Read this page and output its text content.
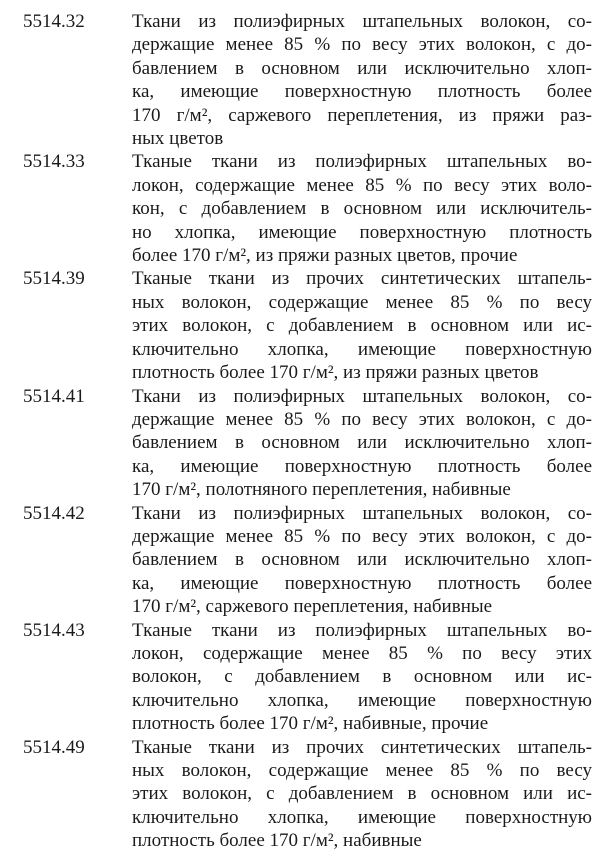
5514.32	Ткани из полиэфирных штапельных волокон, со-
держащие менее 85 % по весу этих волокон, с до-
бавлением в основном или исключительно хлоп-
ка, имеющие поверхностную плотность более
170 г/м², саржевого переплетения, из пряжи раз-
ных цветов
5514.33	Тканые ткани из полиэфирных штапельных во-
локон, содержащие менее 85 % по весу этих воло-
кон, с добавлением в основном или исключитель-
но хлопка, имеющие поверхностную плотность
более 170 г/м², из пряжи разных цветов, прочие
5514.39	Тканые ткани из прочих синтетических штапель-
ных волокон, содержащие менее 85 % по весу
этих волокон, с добавлением в основном или ис-
ключительно хлопка, имеющие поверхностную
плотность более 170 г/м², из пряжи разных цветов
5514.41	Ткани из полиэфирных штапельных волокон, со-
держащие менее 85 % по весу этих волокон, с до-
бавлением в основном или исключительно хлоп-
ка, имеющие поверхностную плотность более
170 г/м², полотняного переплетения, набивные
5514.42	Ткани из полиэфирных штапельных волокон, со-
держащие менее 85 % по весу этих волокон, с до-
бавлением в основном или исключительно хлоп-
ка, имеющие поверхностную плотность более
170 г/м², саржевого переплетения, набивные
5514.43	Тканые ткани из полиэфирных штапельных во-
локон, содержащие менее 85 % по весу этих
волокон, с добавлением в основном или ис-
ключительно хлопка, имеющие поверхностную
плотность более 170 г/м², набивные, прочие
5514.49	Тканые ткани из прочих синтетических штапель-
ных волокон, содержащие менее 85 % по весу
этих волокон, с добавлением в основном или ис-
ключительно хлопка, имеющие поверхностную
плотность более 170 г/м², набивные
